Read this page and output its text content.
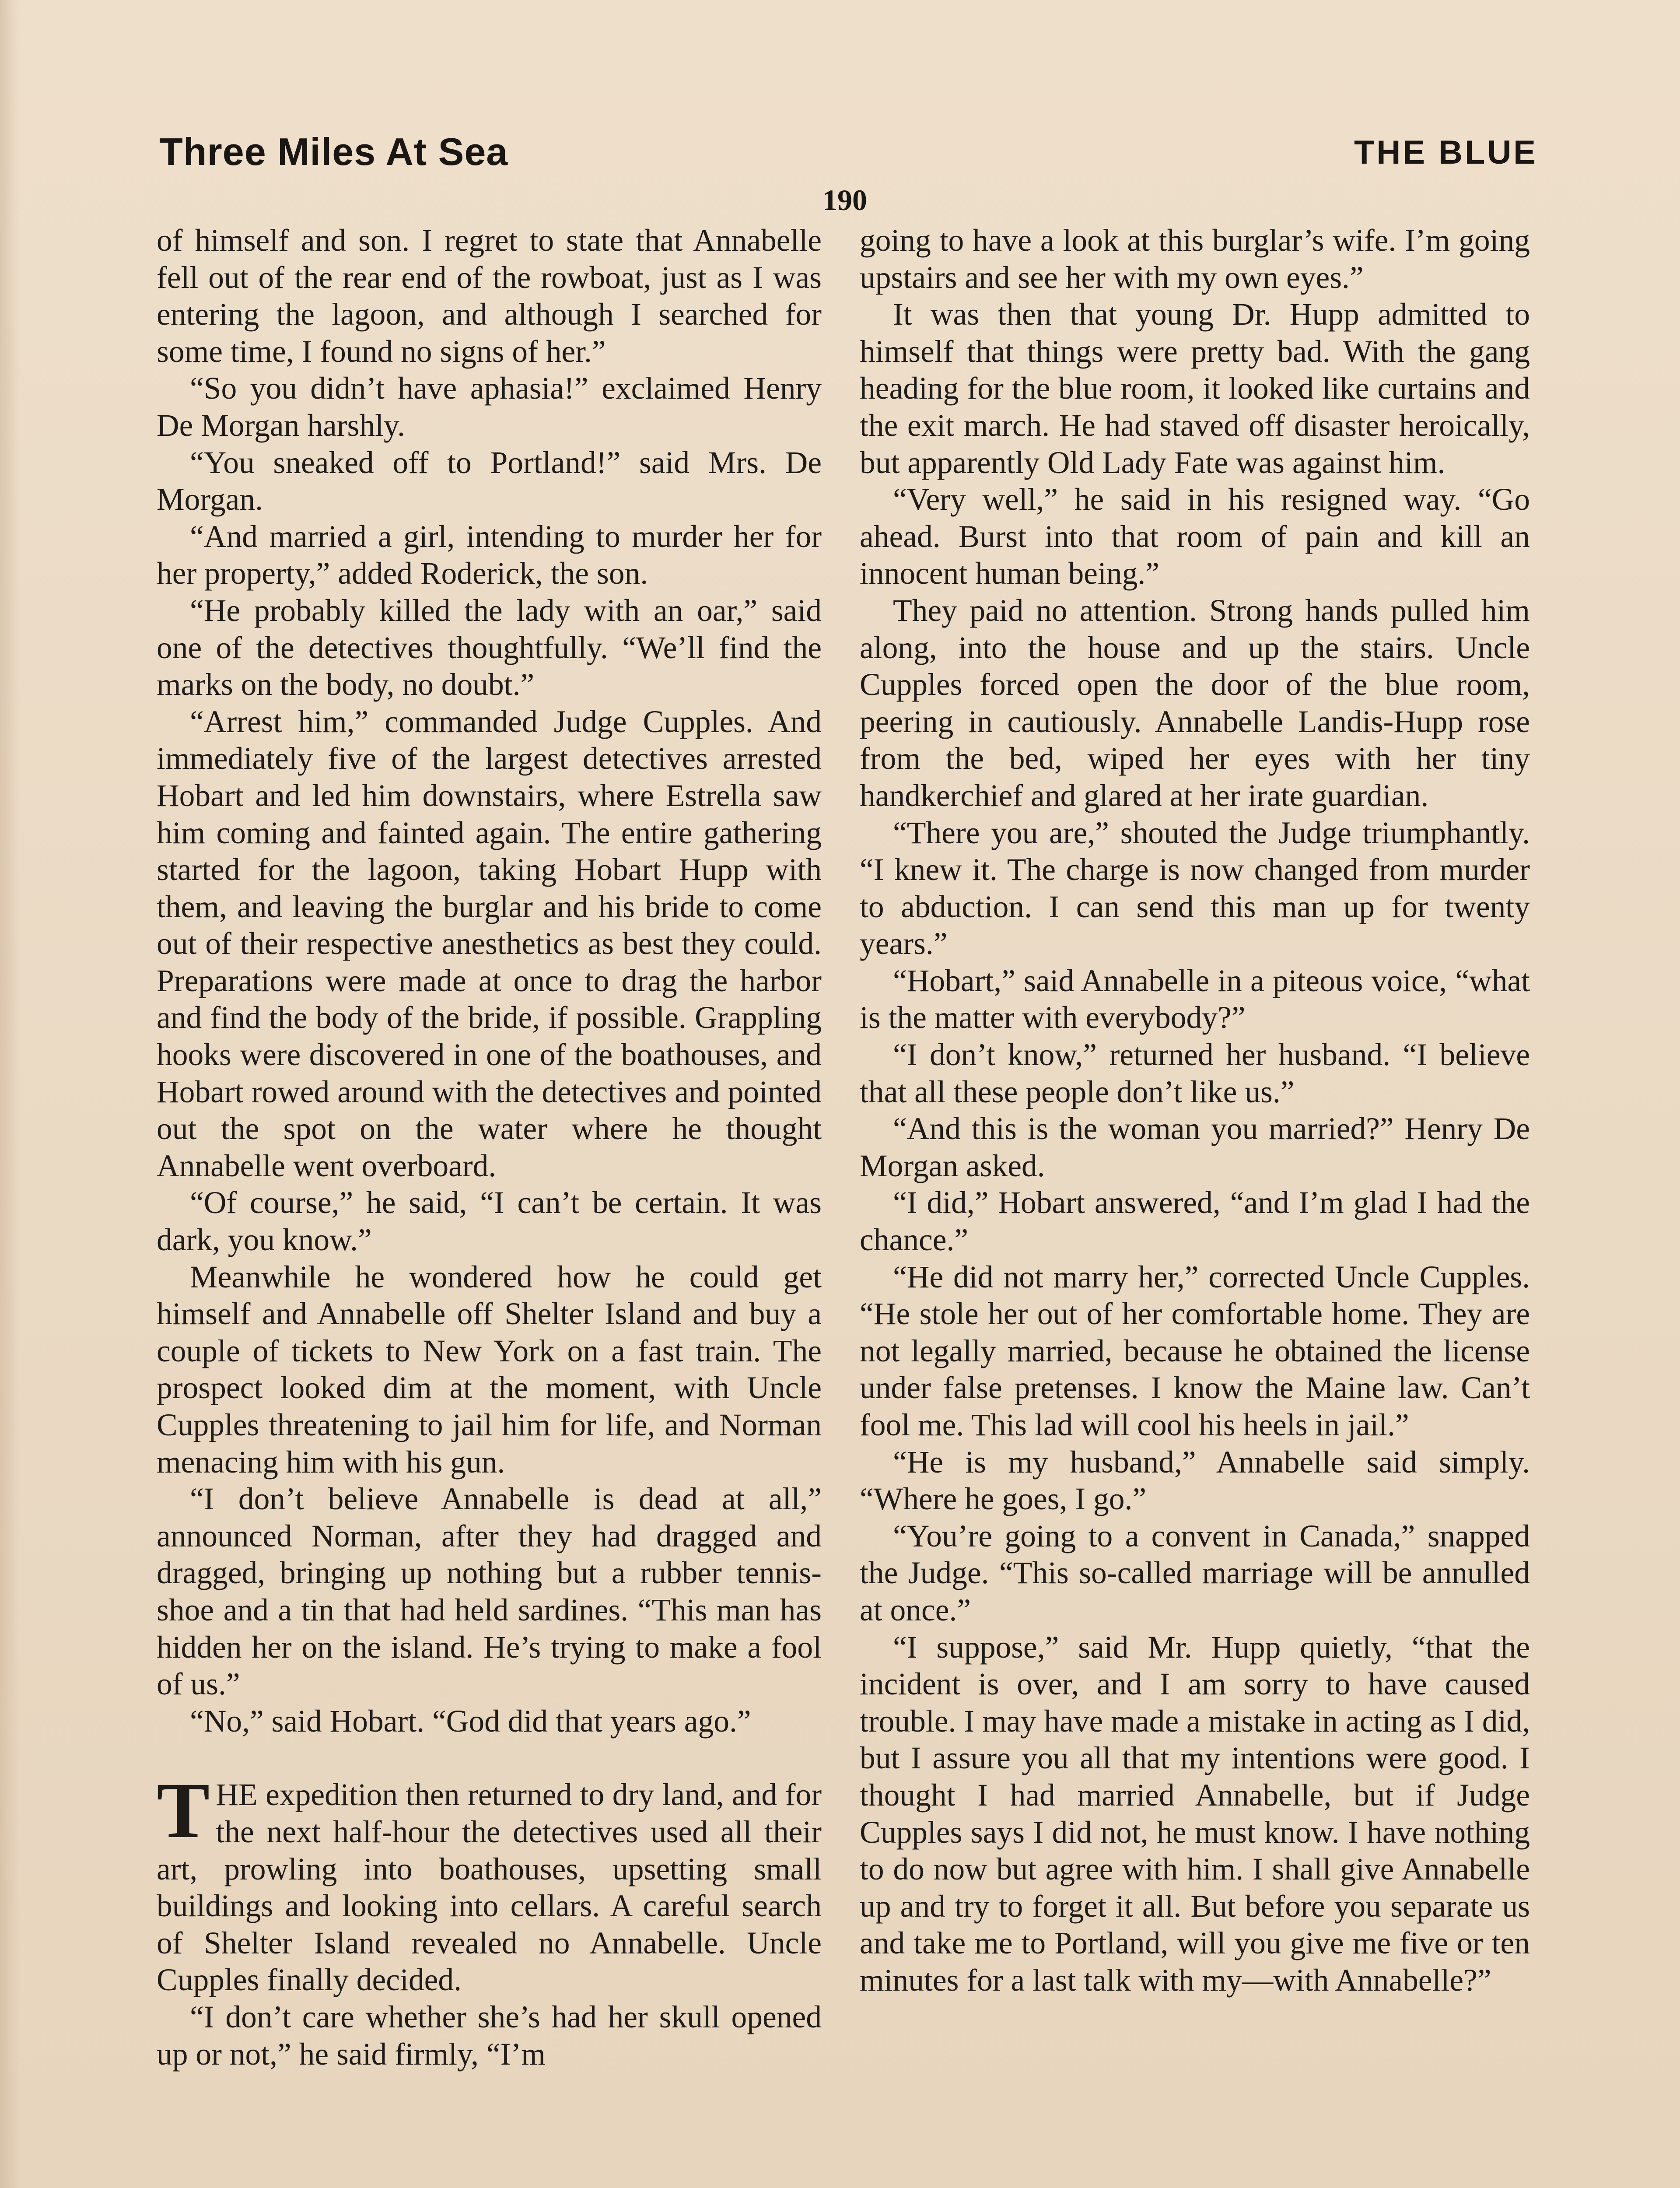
Three Miles At Sea	THE BLUE
190

of himself and son. I regret to state that Annabelle fell out of the rear end of the rowboat, just as I was entering the lagoon, and although I searched for some time, I found no signs of her.”

“So you didn’t have aphasia!” exclaimed Henry De Morgan harshly.

“You sneaked off to Portland!” said Mrs. De Morgan.

“And married a girl, intending to murder her for her property,” added Roderick, the son.

“He probably killed the lady with an oar,” said one of the detectives thoughtfully. “We’ll find the marks on the body, no doubt.”

“Arrest him,” commanded Judge Cupples. And immediately five of the largest detectives arrested Hobart and led him downstairs, where Estrella saw him coming and fainted again. The entire gathering started for the lagoon, taking Hobart Hupp with them, and leaving the burglar and his bride to come out of their respective anesthetics as best they could. Preparations were made at once to drag the harbor and find the body of the bride, if possible. Grappling hooks were discovered in one of the boathouses, and Hobart rowed around with the detectives and pointed out the spot on the water where he thought Annabelle went overboard.

“Of course,” he said, “I can’t be certain. It was dark, you know.”

Meanwhile he wondered how he could get himself and Annabelle off Shelter Island and buy a couple of tickets to New York on a fast train. The prospect looked dim at the moment, with Uncle Cupples threatening to jail him for life, and Norman menacing him with his gun.

“I don’t believe Annabelle is dead at all,” announced Norman, after they had dragged and dragged, bringing up nothing but a rubber tennis-shoe and a tin that had held sardines. “This man has hidden her on the island. He’s trying to make a fool of us.”

“No,” said Hobart. “God did that years ago.”

THE expedition then returned to dry land, and for the next half-hour the detectives used all their art, prowling into boathouses, upsetting small buildings and looking into cellars. A careful search of Shelter Island revealed no Annabelle. Uncle Cupples finally decided.

“I don’t care whether she’s had her skull opened up or not,” he said firmly, “I’m

going to have a look at this burglar’s wife. I’m going upstairs and see her with my own eyes.”

It was then that young Dr. Hupp admitted to himself that things were pretty bad. With the gang heading for the blue room, it looked like curtains and the exit march. He had staved off disaster heroically, but apparently Old Lady Fate was against him.

“Very well,” he said in his resigned way. “Go ahead. Burst into that room of pain and kill an innocent human being.”

They paid no attention. Strong hands pulled him along, into the house and up the stairs. Uncle Cupples forced open the door of the blue room, peering in cautiously. Annabelle Landis-Hupp rose from the bed, wiped her eyes with her tiny handkerchief and glared at her irate guardian.

“There you are,” shouted the Judge triumphantly. “I knew it. The charge is now changed from murder to abduction. I can send this man up for twenty years.”

“Hobart,” said Annabelle in a piteous voice, “what is the matter with everybody?”

“I don’t know,” returned her husband. “I believe that all these people don’t like us.”

“And this is the woman you married?” Henry De Morgan asked.

“I did,” Hobart answered, “and I’m glad I had the chance.”

“He did not marry her,” corrected Uncle Cupples. “He stole her out of her comfortable home. They are not legally married, because he obtained the license under false pretenses. I know the Maine law. Can’t fool me. This lad will cool his heels in jail.”

“He is my husband,” Annabelle said simply. “Where he goes, I go.”

“You’re going to a convent in Canada,” snapped the Judge. “This so-called marriage will be annulled at once.”

“I suppose,” said Mr. Hupp quietly, “that the incident is over, and I am sorry to have caused trouble. I may have made a mistake in acting as I did, but I assure you all that my intentions were good. I thought I had married Annabelle, but if Judge Cupples says I did not, he must know. I have nothing to do now but agree with him. I shall give Annabelle up and try to forget it all. But before you separate us and take me to Portland, will you give me five or ten minutes for a last talk with my—with Annabelle?”
